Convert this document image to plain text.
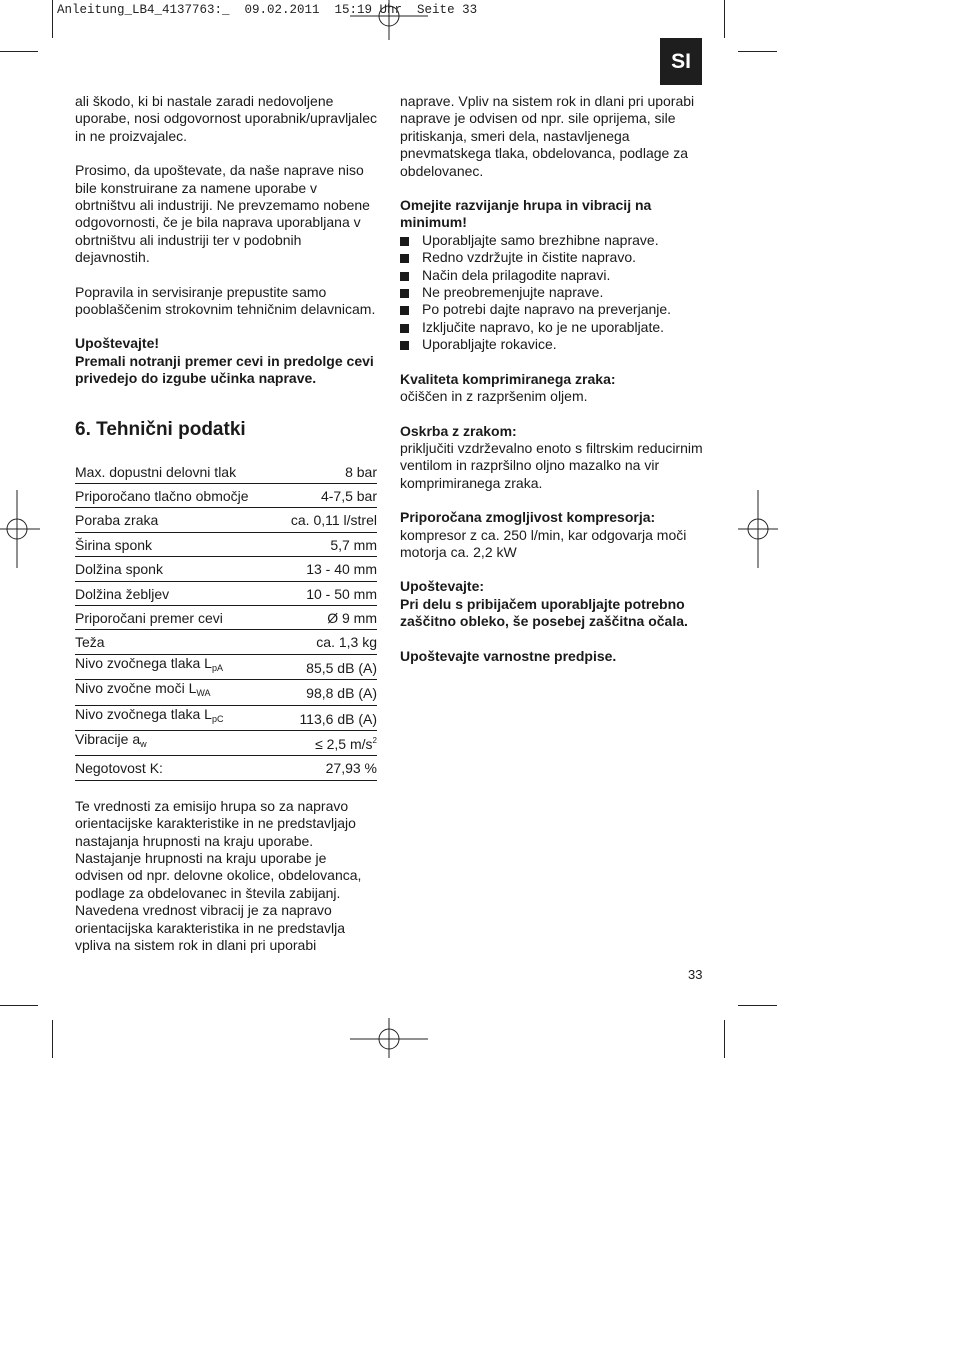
Anleitung_LB4_4137763:_  09.02.2011  15:19 Uhr  Seite 33
SI

ali škodo, ki bi nastale zaradi nedovoljene uporabe, nosi odgovornost uporabnik/upravljalec in ne proizvajalec.

Prosimo, da upoštevate, da naše naprave niso bile konstruirane za namene uporabe v obrtništvu ali industriji. Ne prevzemamo nobene odgovornosti, če je bila naprava uporabljana v obrtništvu ali industriji ter v podobnih dejavnostih.

Popravila in servisiranje prepustite samo pooblaščenim strokovnim tehničnim delavnicam.

Upoštevajte!

Premali notranji premer cevi in predolge cevi privedejo do izgube učinka naprave.

6. Tehnični podatki
Max. dopustni delovni tlak	8 bar
Priporočano tlačno območje	4-7,5 bar
Poraba zraka	ca. 0,11 l/strel
Širina sponk	5,7 mm
Dolžina sponk	13 - 40 mm
Dolžina žebljev	10 - 50 mm
Priporočani premer cevi	Ø 9 mm
Teža	ca. 1,3 kg
Nivo zvočnega tlaka $L_{pA}$	85,5 dB (A)
Nivo zvočne moči $L_{WA}$	98,8 dB (A)
Nivo zvočnega tlaka $L_{pC}$	113,6 dB (A)
Vibracije $a_w$	≤ 2,5 $m/s^2$
Negotovost K:	27,93 %

Te vrednosti za emisijo hrupa so za napravo orientacijske karakteristike in ne predstavljajo nastajanja hrupnosti na kraju uporabe. Nastajanje hrupnosti na kraju uporabe je odvisen od npr. delovne okolice, obdelovanca, podlage za obdelovanec in števila zabijanj. Navedena vrednost vibracij je za napravo orientacijska karakteristika in ne predstavlja vpliva na sistem rok in dlani pri uporabi

naprave. Vpliv na sistem rok in dlani pri uporabi naprave je odvisen od npr. sile oprijema, sile pritiskanja, smeri dela, nastavljenega pnevmatskega tlaka, obdelovanca, podlage za obdelovanec.

Omejite razvijanje hrupa in vibracij na minimum!

Uporabljajte samo brezhibne naprave.
Redno vzdržujte in čistite napravo.
Način dela prilagodite napravi.
Ne preobremenjujte naprave.
Po potrebi dajte napravo na preverjanje.
Izključite napravo, ko je ne uporabljate.
Uporabljajte rokavice.

Kvaliteta komprimiranega zraka:

očiščen in z razpršenim oljem.

Oskrba z zrakom:

priključiti vzdrževalno enoto s filtrskim reducirnim ventilom in razpršilno oljno mazalko na vir komprimiranega zraka.

Priporočana zmogljivost kompresorja:

kompresor z ca. 250 l/min, kar odgovarja moči motorja ca. 2,2 kW

Upoštevajte:

Pri delu s pribijačem uporabljajte potrebno zaščitno obleko, še posebej zaščitna očala.

Upoštevajte varnostne predpise.

33
